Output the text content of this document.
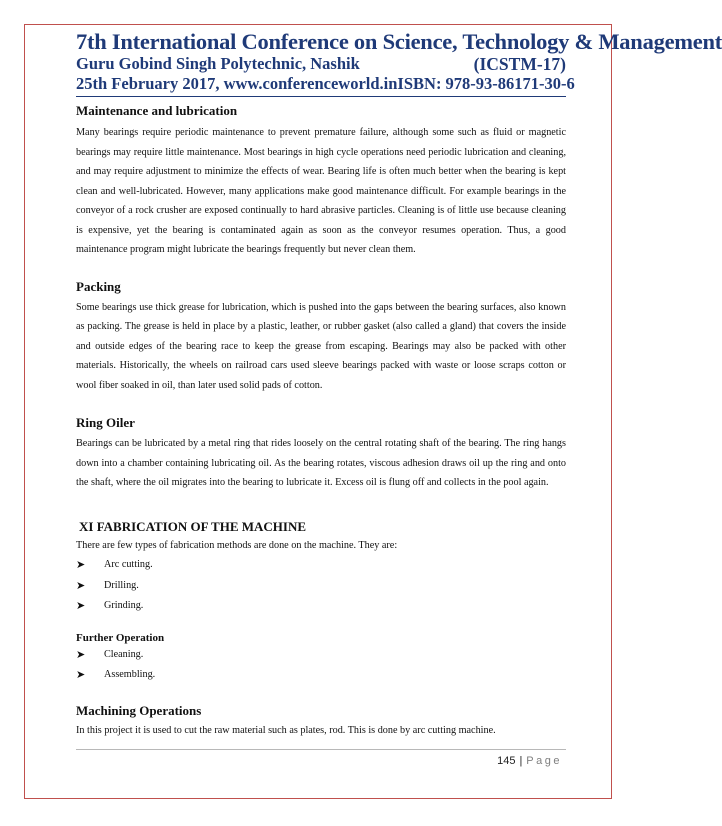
7th International Conference on Science, Technology & Management
Guru Gobind Singh Polytechnic, Nashik	(ICSTM-17)
25th February 2017, www.conferenceworld.in ISBN: 978-93-86171-30-6
Maintenance and lubrication

Many bearings require periodic maintenance to prevent premature failure, although some such as fluid or magnetic bearings may require little maintenance. Most bearings in high cycle operations need periodic lubrication and cleaning, and may require adjustment to minimize the effects of wear. Bearing life is often much better when the bearing is kept clean and well-lubricated. However, many applications make good maintenance difficult. For example bearings in the conveyor of a rock crusher are exposed continually to hard abrasive particles. Cleaning is of little use because cleaning is expensive, yet the bearing is contaminated again as soon as the conveyor resumes operation. Thus, a good maintenance program might lubricate the bearings frequently but never clean them.

Packing

Some bearings use thick grease for lubrication, which is pushed into the gaps between the bearing surfaces, also known as packing. The grease is held in place by a plastic, leather, or rubber gasket (also called a gland) that covers the inside and outside edges of the bearing race to keep the grease from escaping. Bearings may also be packed with other materials. Historically, the wheels on railroad cars used sleeve bearings packed with waste or loose scraps cotton or wool fiber soaked in oil, than later used solid pads of cotton.

Ring Oiler

Bearings can be lubricated by a metal ring that rides loosely on the central rotating shaft of the bearing. The ring hangs down into a chamber containing lubricating oil. As the bearing rotates, viscous adhesion draws oil up the ring and onto the shaft, where the oil migrates into the bearing to lubricate it. Excess oil is flung off and collects in the pool again.

XI FABRICATION OF THE MACHINE

There are few types of fabrication methods are done on the machine. They are:

➤	Arc cutting.
➤	Drilling.
➤	Grinding.
Further Operation
➤	Cleaning.
➤	Assembling.
Machining Operations

In this project it is used to cut the raw material such as plates, rod. This is done by arc cutting machine.

145 | Page
